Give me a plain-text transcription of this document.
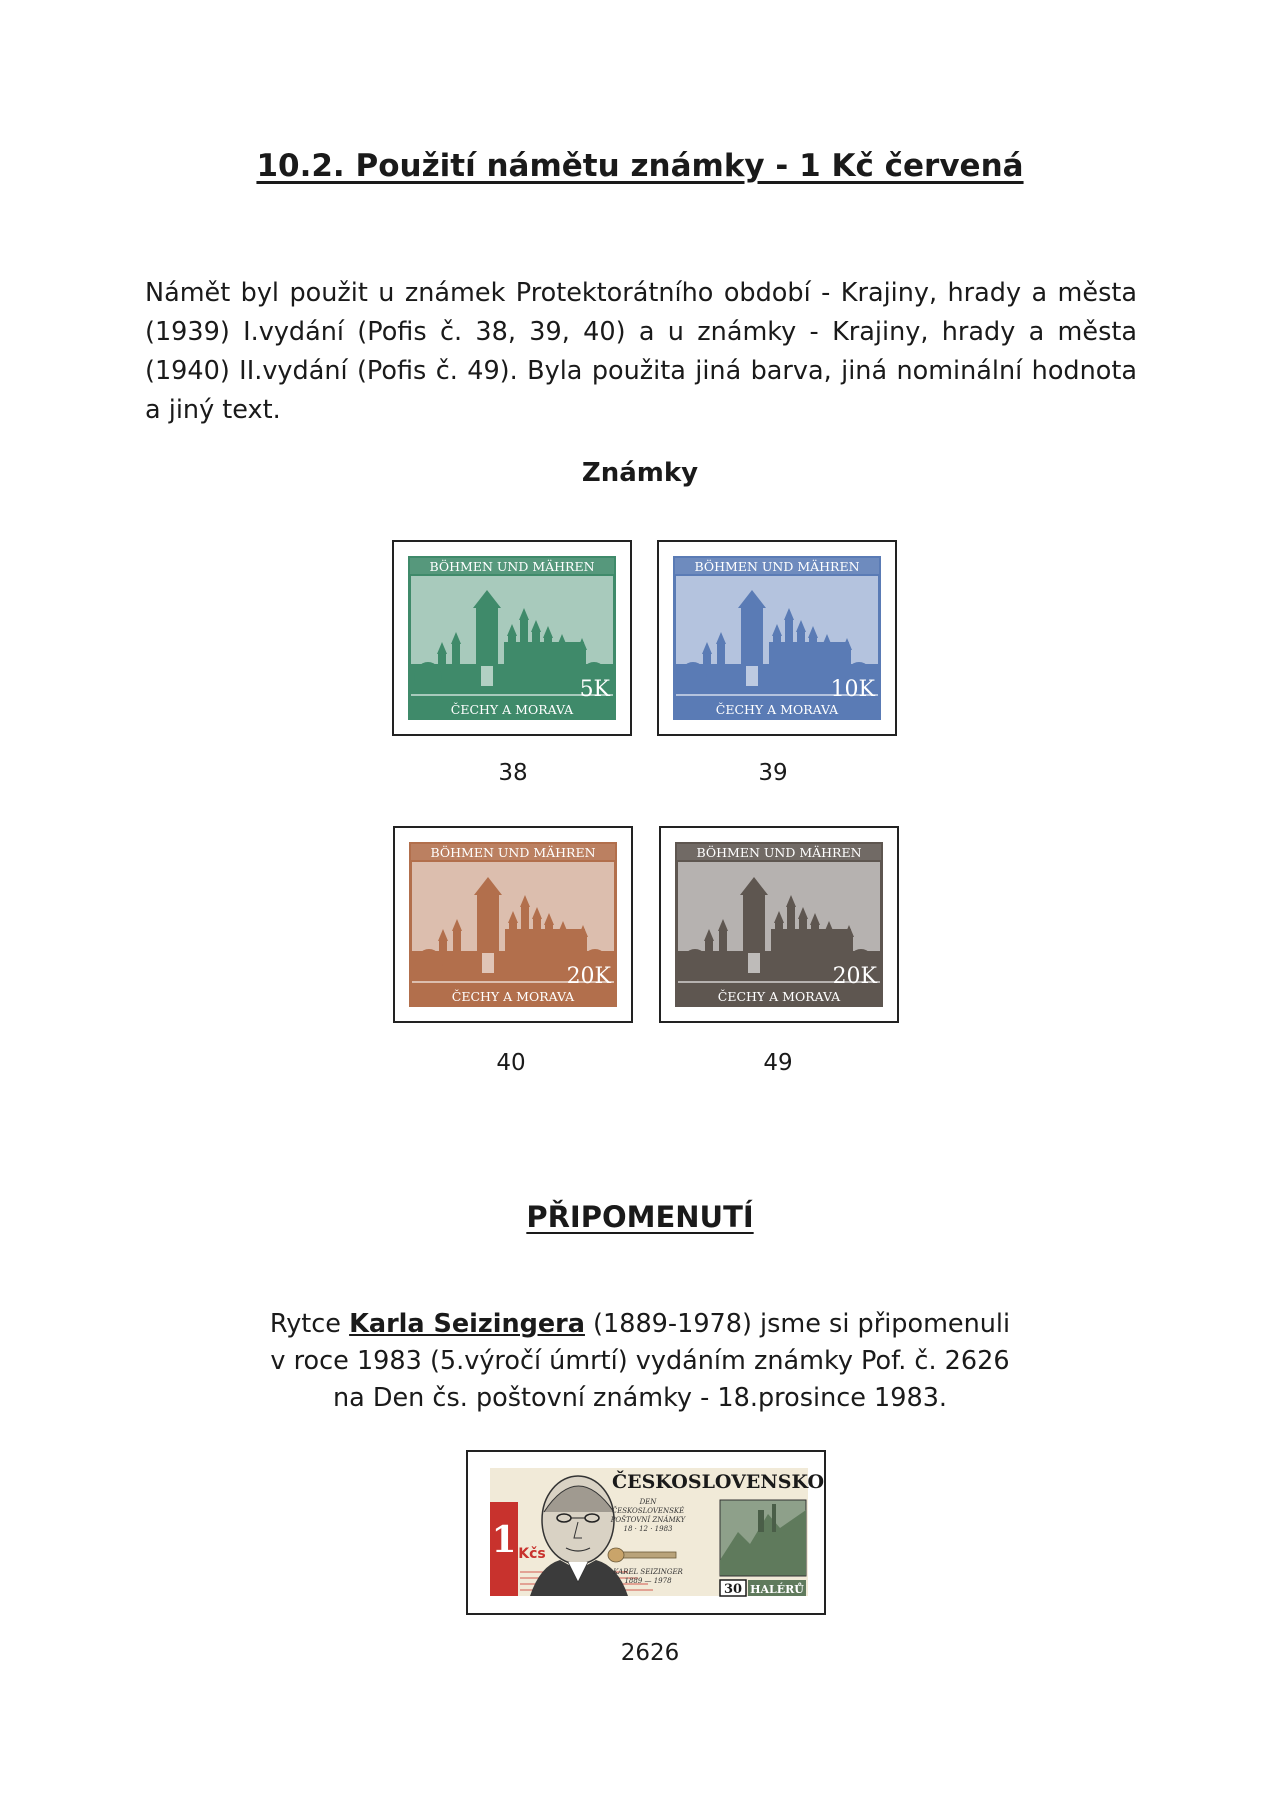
10.2. Použití námětu známky - 1 Kč červená
Námět byl použit u známek Protektorátního období - Krajiny, hrady a města (1939) I.vydání (Pofis č. 38, 39, 40) a u známky - Krajiny, hrady a města (1940) II.vydání (Pofis č. 49). Byla použita jiná barva, jiná nominální hodnota a jiný text.
Známky
BÖHMEN UND MÄHREN
5K
ČECHY A MORAVA
38
BÖHMEN UND MÄHREN
10K
ČECHY A MORAVA
39
BÖHMEN UND MÄHREN
20K
ČECHY A MORAVA
40
BÖHMEN UND MÄHREN
20K
ČECHY A MORAVA
49
PŘIPOMENUTÍ
Rytce Karla Seizingera (1889-1978) jsme si připomenuli
v roce 1983 (5.výročí úmrtí) vydáním známky Pof. č. 2626
na Den čs. poštovní známky - 18.prosince 1983.
1 Kčs
ČESKOSLOVENSKO
DEN
ČESKOSLOVENSKÉ
POŠTOVNÍ ZNÁMKY
18 · 12 · 1983
KAREL SEIZINGER
1889 — 1978
30 HALÉRŮ
2626
